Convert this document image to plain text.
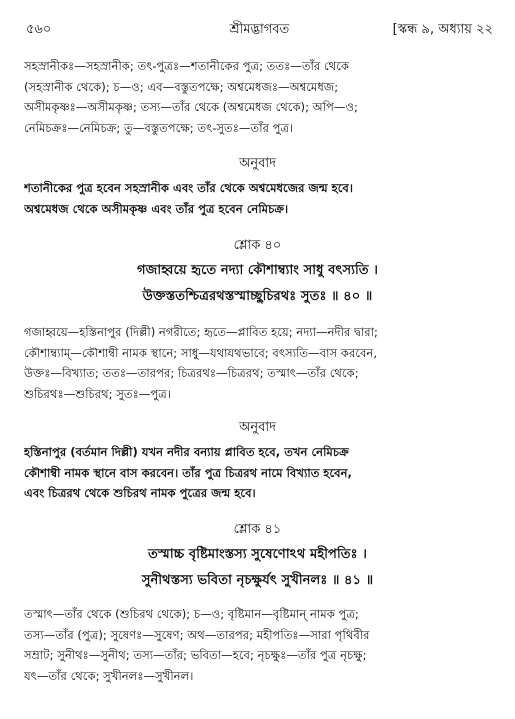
৫৬০	শ্রীমদ্ভাগবত	[স্কন্ধ ৯, অধ্যায় ২২
সহস্রানীকঃ—সহস্রানীক; তৎ-পুত্রঃ—শতানীকের পুত্র; ততঃ—তাঁর থেকে
(সহস্রানীক থেকে); চ—ও; এব—বস্তুতপক্ষে; অশ্বমেধজঃ—অশ্বমেধজ;
অসীমকৃষ্ণঃ—অসীমকৃষ্ণ; তস্য—তাঁর থেকে (অশ্বমেধজ থেকে); অপি—ও;
নেমিচক্রঃ—নেমিচক্র; তু—বস্তুতপক্ষে; তৎ-সুতঃ—তাঁর পুত্র।
অনুবাদ
শতানীকের পুত্র হবেন সহস্রানীক এবং তাঁর থেকে অশ্বমেধজের জন্ম হবে।
অশ্বমেধজ থেকে অসীমকৃষ্ণ এবং তাঁর পুত্র হবেন নেমিচক্র।
শ্লোক ৪০
গজাহ্বয়ে হৃতে নদ্যা কৌশাম্ব্যাং সাধু বৎস্যতি ।
উক্তস্ততশ্চিত্ররথস্তস্মাচ্ছুচিরথঃ সুতঃ ॥ ৪০ ॥
গজাহ্বয়ে—হস্তিনাপুর (দিল্লী) নগরীতে; হৃতে—প্লাবিত হয়ে; নদ্যা—নদীর দ্বারা;
কৌশাম্ব্যাম্—কৌশাম্বী নামক স্থানে; সাধু—যথাযথভাবে; বৎস্যতি—বাস করবেন,
উক্তঃ—বিখ্যাত; ততঃ—তারপর; চিত্ররথঃ—চিত্ররথ; তস্মাৎ—তাঁর থেকে;
শুচিরথঃ—শুচিরথ; সুতঃ—পুত্র।
অনুবাদ
হস্তিনাপুর (বর্তমান দিল্লী) যখন নদীর বন্যায় প্লাবিত হবে, তখন নেমিচক্র
কৌশাম্বী নামক স্থানে বাস করবেন। তাঁর পুত্র চিত্ররথ নামে বিখ্যাত হবেন,
এবং চিত্ররথ থেকে শুচিরথ নামক পুত্রের জন্ম হবে।
শ্লোক ৪১
তস্মাচ্চ বৃষ্টিমাংস্তস্য সুষেণোঽথ মহীপতিঃ ।
সুনীথস্তস্য ভবিতা নৃচক্ষুর্যৎ সুখীনলঃ ॥ ৪১ ॥
তস্মাৎ—তাঁর থেকে (শুচিরথ থেকে); চ—ও; বৃষ্টিমান—বৃষ্টিমান্‌ নামক পুত্র;
তস্য—তাঁর (পুত্র); সুষেণঃ—সুষেণ; অথ—তারপর; মহীপতিঃ—সারা পৃথিবীর
সম্রাট; সুনীথঃ—সুনীথ; তস্য—তাঁর; ভবিতা—হবে; নৃচক্ষুঃ—তাঁর পুত্র নৃচক্ষু;
যৎ—তাঁর থেকে; সুখীনলঃ—সুখীনল।
